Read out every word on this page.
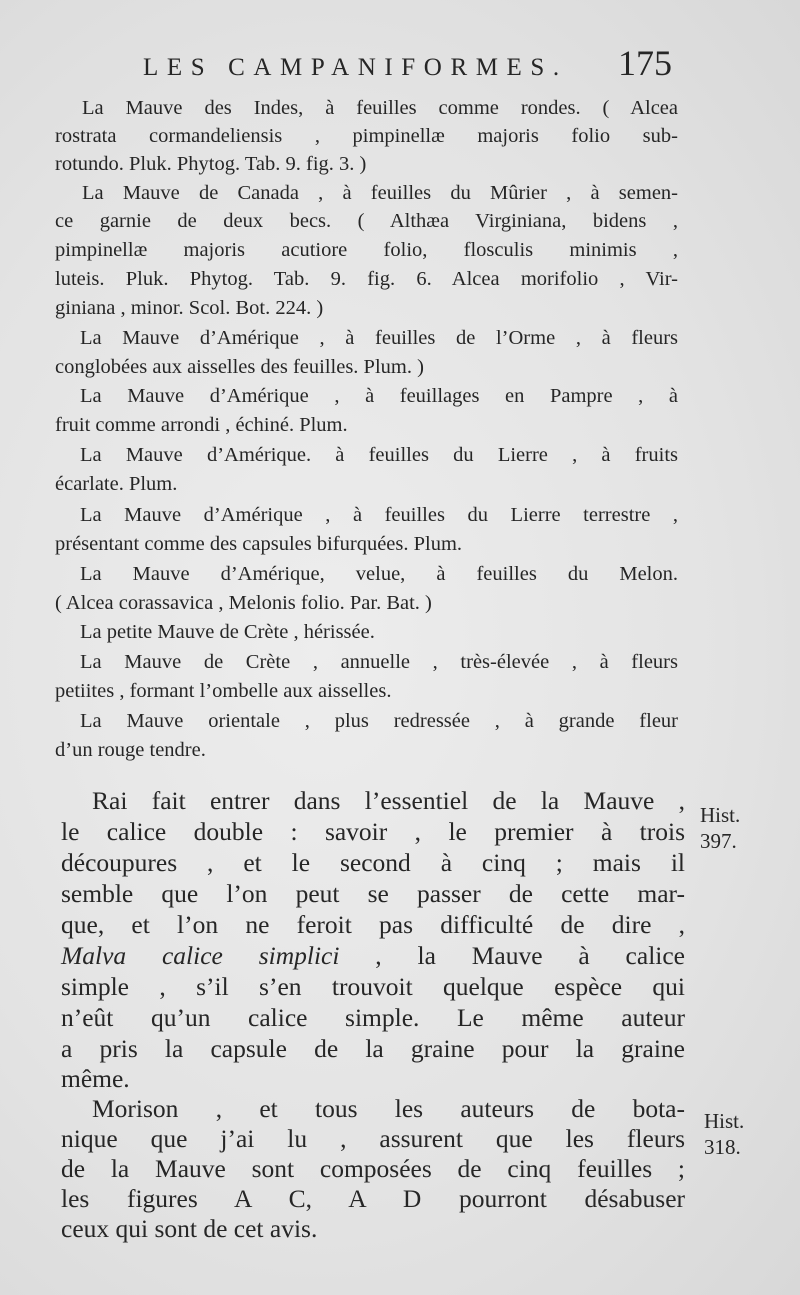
LES CAMPANIFORMES. 175
La Mauve des Indes, à feuilles comme rondes. ( Alcea
rostrata cormandeliensis , pimpinellæ majoris folio sub-
rotundo. Pluk. Phytog. Tab. 9. fig. 3. )
La Mauve de Canada , à feuilles du Mûrier , à semen-
ce garnie de deux becs. ( Althæa Virginiana, bidens ,
pimpinellæ majoris acutiore folio, flosculis minimis ,
luteis. Pluk. Phytog. Tab. 9. fig. 6. Alcea morifolio , Vir-
giniana , minor. Scol. Bot. 224. )
La Mauve d’Amérique , à feuilles de l’Orme , à fleurs
conglobées aux aisselles des feuilles. Plum. )
La Mauve d’Amérique , à feuillages en Pampre , à
fruit comme arrondi , échiné. Plum.
La Mauve d’Amérique. à feuilles du Lierre , à fruits
écarlate. Plum.
La Mauve d’Amérique , à feuilles du Lierre terrestre ,
présentant comme des capsules bifurquées. Plum.
La Mauve d’Amérique, velue, à feuilles du Melon.
( Alcea corassavica , Melonis folio. Par. Bat. )
La petite Mauve de Crète , hérissée.
La Mauve de Crète , annuelle , très-élevée , à fleurs
petiites , formant l’ombelle aux aisselles.
La Mauve orientale , plus redressée , à grande fleur
d’un rouge tendre.
Rai fait entrer dans l’essentiel de la Mauve ,
le calice double : savoir , le premier à trois
découpures , et le second à cinq ; mais il
semble que l’on peut se passer de cette mar-
que, et l’on ne feroit pas difficulté de dire ,
Malva calice simplici , la Mauve à calice
simple , s’il s’en trouvoit quelque espèce qui
n’eût qu’un calice simple. Le même auteur
a pris la capsule de la graine pour la graine
même.
Morison , et tous les auteurs de bota-
nique que j’ai lu , assurent que les fleurs
de la Mauve sont composées de cinq feuilles ;
les figures A C, A D pourront désabuser
ceux qui sont de cet avis.
Hist.
397.
Hist.
318.
